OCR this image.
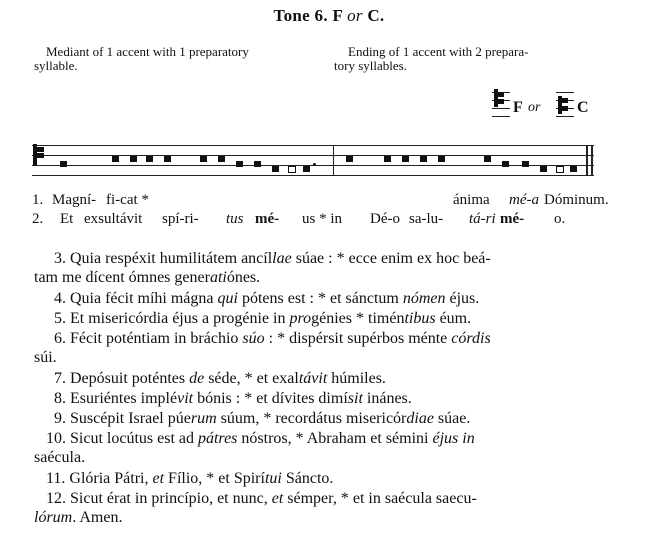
Tone 6. F or C.
Mediant of 1 accent with 1 preparatory
syllable.
Ending of 1 accent with 2 prepara-
tory syllables.
F or C
1. Magní- fi-cat *	ánima mé-a Dóminum.
2. Et exsultávit spí-ri- tus mé- us * in Dé-o sa-lu- tá-ri mé- o.
3. Quia respéxit humilitátem ancíllae súae : * ecce enim ex hoc beá-
tam me dícent ómnes generatiónes.
4. Quia fécit míhi mágna qui pótens est : * et sánctum nómen éjus.
5. Et misericórdia éjus a progénie in progénies * timéntibus éum.
6. Fécit poténtiam in bráchio súo : * dispérsit supérbos ménte córdis
súi.
7. Depósuit poténtes de séde, * et exaltávit húmiles.
8. Esuriéntes implévit bónis : * et dívites dimísit inánes.
9. Suscépit Israel púerum súum, * recordátus misericórdiae súae.
10. Sicut locútus est ad pátres nóstros, * Abraham et sémini éjus in
saécula.
11. Glória Pátri, et Fílio, * et Spirítui Sáncto.
12. Sicut érat in princípio, et nunc, et sémper, * et in saécula saecu-
lórum. Amen.
